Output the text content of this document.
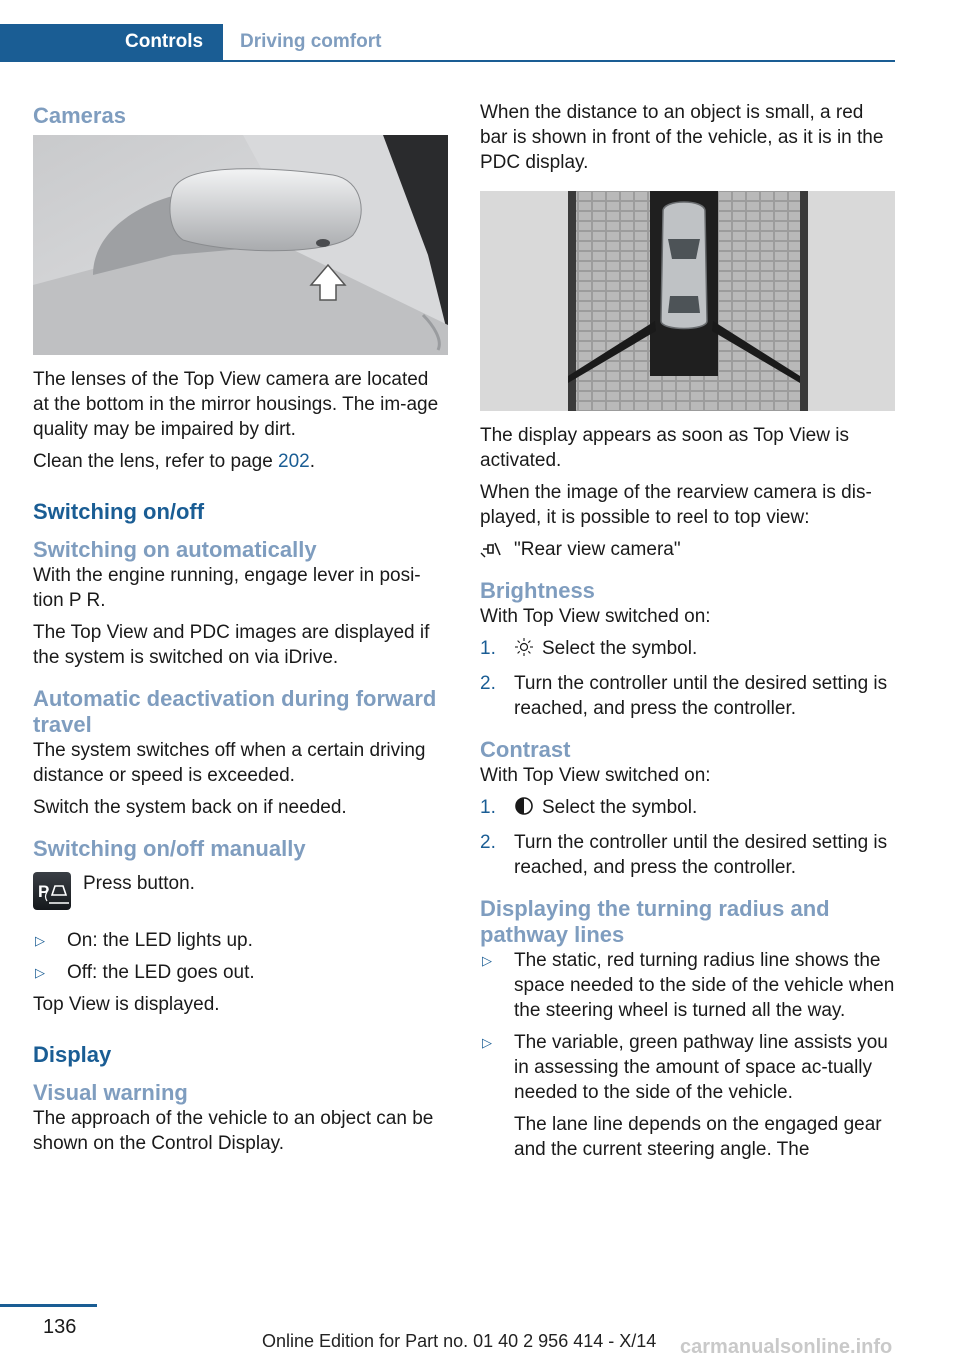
Controls	Driving comfort
Cameras

The lenses of the Top View camera are located at the bottom in the mirror housings. The im‐age quality may be impaired by dirt.

Clean the lens, refer to page 202.

Switching on/off
Switching on automatically

With the engine running, engage lever in posi‐tion P R.

The Top View and PDC images are displayed if the system is switched on via iDrive.

Automatic deactivation during forward travel

The system switches off when a certain driving distance or speed is exceeded.

Switch the system back on if needed.

Switching on/off manually
P Press button.
▷ On: the LED lights up.
▷ Off: the LED goes out.

Top View is displayed.

Display
Visual warning

The approach of the vehicle to an object can be shown on the Control Display.

When the distance to an object is small, a red bar is shown in front of the vehicle, as it is in the PDC display.

The display appears as soon as Top View is activated.

When the image of the rearview camera is dis‐played, it is possible to reel to top view:

"Rear view camera"
Brightness

With Top View switched on:

1. Select the symbol.
2. Turn the controller until the desired setting is reached, and press the controller.
Contrast

With Top View switched on:

1. Select the symbol.
2. Turn the controller until the desired setting is reached, and press the controller.
Displaying the turning radius and pathway lines
▷ The static, red turning radius line shows the space needed to the side of the vehicle when the steering wheel is turned all the way.
▷ The variable, green pathway line assists you in assessing the amount of space ac‐tually needed to the side of the vehicle.

The lane line depends on the engaged gear and the current steering angle. The

136
Online Edition for Part no. 01 40 2 956 414 - X/14 carmanualsonline.info
